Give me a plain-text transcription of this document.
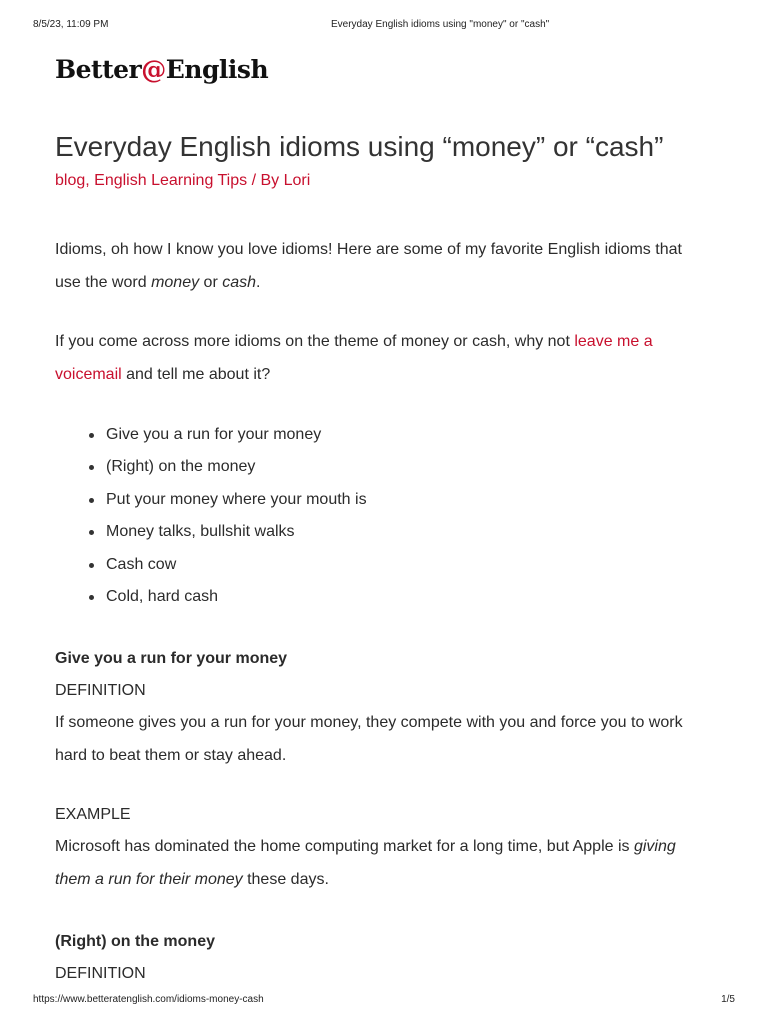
8/5/23, 11:09 PM	Everyday English idioms using "money" or "cash"
Better@English
Everyday English idioms using “money” or “cash”
blog, English Learning Tips / By Lori

Idioms, oh how I know you love idioms! Here are some of my favorite English idioms that use the word money or cash.

If you come across more idioms on the theme of money or cash, why not leave me a voicemail and tell me about it?

Give you a run for your money
(Right) on the money
Put your money where your mouth is
Money talks, bullshit walks
Cash cow
Cold, hard cash
Give you a run for your money
DEFINITION

If someone gives you a run for your money, they compete with you and force you to work hard to beat them or stay ahead.

EXAMPLE

Microsoft has dominated the home computing market for a long time, but Apple is giving them a run for their money these days.

(Right) on the money
DEFINITION
https://www.betteratenglish.com/idioms-money-cash	1/5
